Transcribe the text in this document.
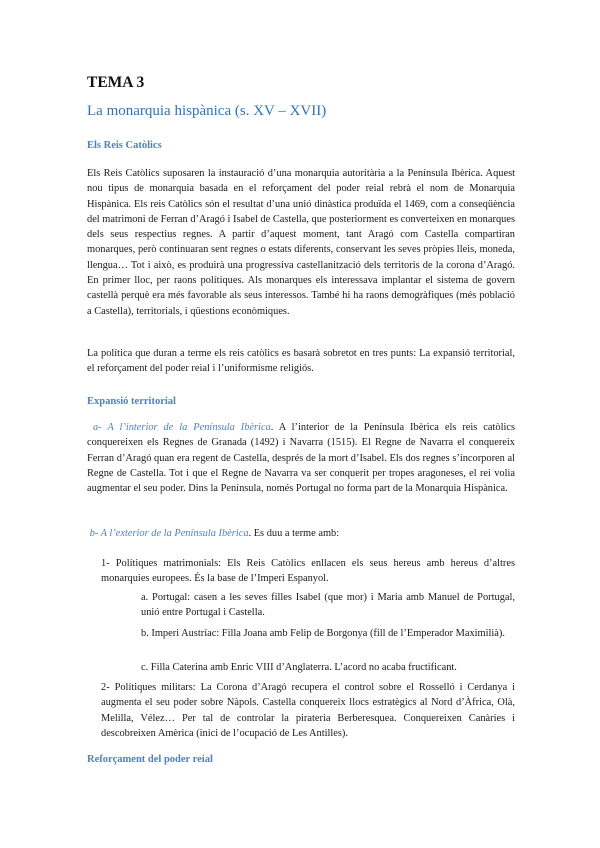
TEMA 3
La monarquia hispànica (s. XV – XVII)
Els Reis Catòlics

Els Reis Catòlics suposaren la instauració d’una monarquia autoritària a la Península Ibèrica. Aquest nou tipus de monarquia basada en el reforçament del poder reial rebrà el nom de Monarquia Hispànica. Els reis Catòlics són el resultat d’una unió dinàstica produïda el 1469, com a conseqüència del matrimoni de Ferran d’Aragó i Isabel de Castella, que posteriorment es converteixen en monarques dels seus respectius regnes. A partir d’aquest moment, tant Aragó com Castella compartiran monarques, però continuaran sent regnes o estats diferents, conservant les seves pròpies lleis, moneda, llengua… Tot i això, es produirà una progressiva castellanització dels territoris de la corona d’Aragó. En primer lloc, per raons polítiques. Als monarques els interessava implantar el sistema de govern castellà perquè era més favorable als seus interessos. També hi ha raons demogràfiques (més població a Castella), territorials, i qüestions econòmiques.

La política que duran a terme els reis catòlics es basarà sobretot en tres punts: La expansió territorial, el reforçament del poder reial i l’uniformisme religiós.

Expansió territorial

a- A l’interior de la Península Ibèrica. A l’interior de la Península Ibèrica els reis catòlics conquereixen els Regnes de Granada (1492) i Navarra (1515). El Regne de Navarra el conquereix Ferran d’Aragó quan era regent de Castella, després de la mort d’Isabel. Els dos regnes s’incorporen al Regne de Castella. Tot i que el Regne de Navarra va ser conquerit per tropes aragoneses, el rei volia augmentar el seu poder. Dins la Península, només Portugal no forma part de la Monarquia Hispànica.

b- A l’exterior de la Península Ibèrica. Es duu a terme amb:

1- Polítiques matrimonials: Els Reis Catòlics enllacen els seus hereus amb hereus d’altres monarquies europees. És la base de l’Imperi Espanyol.

a. Portugal: casen a les seves filles Isabel (que mor) i Maria amb Manuel de Portugal, unió entre Portugal i Castella.

b. Imperi Austríac: Filla Joana amb Felip de Borgonya (fill de l’Emperador Maximilià).

c. Filla Caterina amb Enric VIII d’Anglaterra. L’acord no acaba fructificant.

2- Polítiques militars: La Corona d’Aragó recupera el control sobre el Rosselló i Cerdanya i augmenta el seu poder sobre Nàpols. Castella conquereix llocs estratègics al Nord d’Àfrica, Olà, Melilla, Vélez… Per tal de controlar la pirateria Berberesquea. Conquereixen Canàries i descobreixen Amèrica (inici de l’ocupació de Les Antilles).

Reforçament del poder reial
